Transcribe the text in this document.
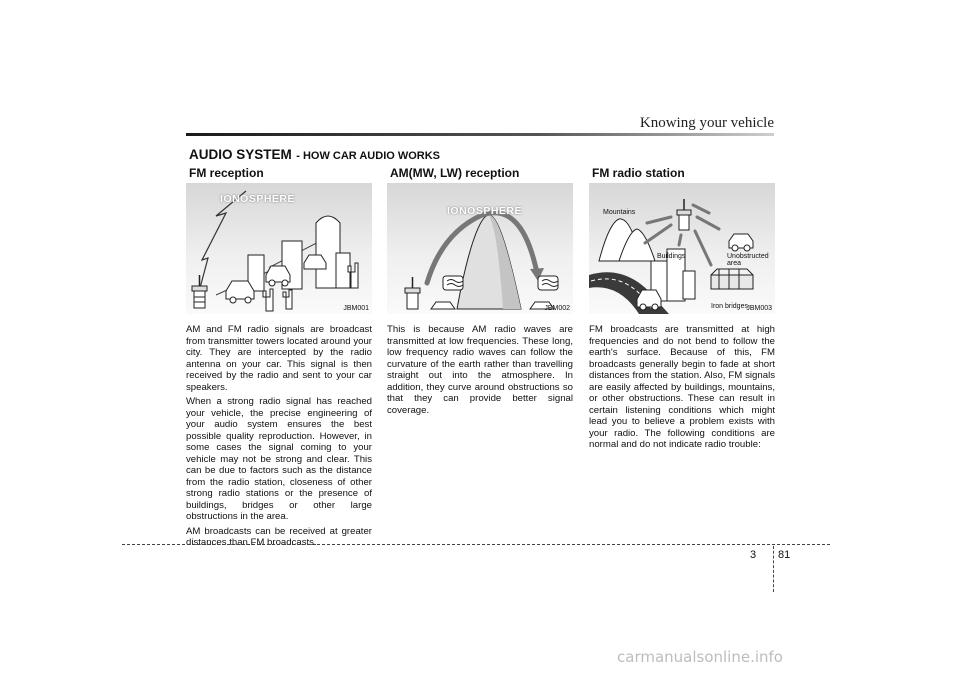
Knowing your vehicle
AUDIO SYSTEM - HOW CAR AUDIO WORKS
FM reception
IONOSPHERE
JBM001

AM and FM radio signals are broadcast from transmitter towers located around your city. They are intercepted by the radio antenna on your car. This signal is then received by the radio and sent to your car speakers.

When a strong radio signal has reached your vehicle, the precise engineering of your audio system ensures the best possible quality reproduction. However, in some cases the signal coming to your vehicle may not be strong and clear. This can be due to factors such as the distance from the radio station, closeness of other strong radio stations or the presence of buildings, bridges or other large obstructions in the area.

AM broadcasts can be received at greater distances than FM broadcasts.

AM(MW, LW) reception
IONOSPHERE
JBM002

This is because AM radio waves are transmitted at low frequencies. These long, low frequency radio waves can follow the curvature of the earth rather than travelling straight out into the atmosphere. In addition, they curve around obstructions so that they can provide better signal coverage.

FM radio station
Mountains
Buildings	Unobstructed area
Iron bridges
JBM003

FM broadcasts are transmitted at high frequencies and do not bend to follow the earth's surface. Because of this, FM broadcasts generally begin to fade at short distances from the station. Also, FM signals are easily affected by buildings, mountains, or other obstructions. These can result in certain listening conditions which might lead you to believe a problem exists with your radio. The following conditions are normal and do not indicate radio trouble:

3 81
carmanualsonline.info
